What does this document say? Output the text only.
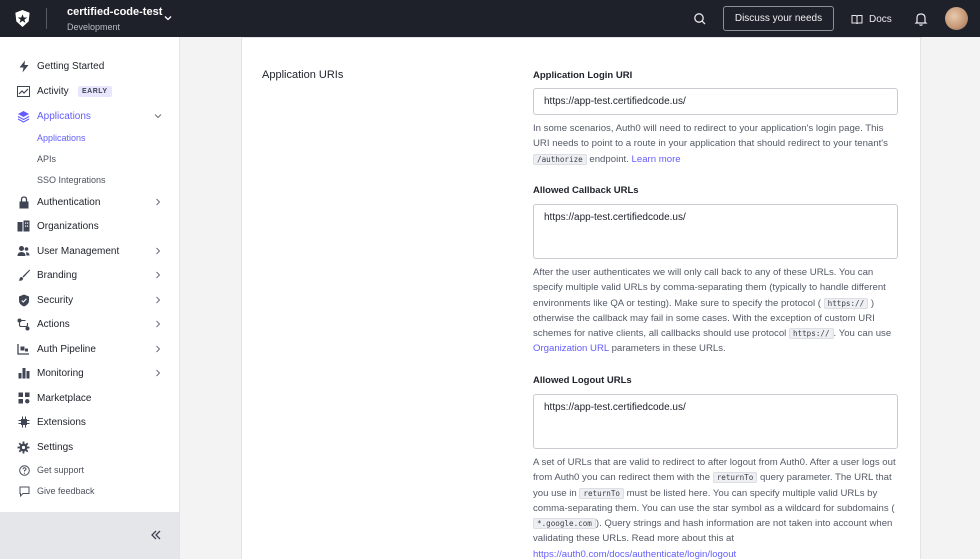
certified-code-test
Development
Discuss your needs	Docs
Getting Started
Activity	EARLY
Applications
Applications
APIs
SSO Integrations
Authentication
Organizations
User Management
Branding
Security
Actions
Auth Pipeline
Monitoring
Marketplace
Extensions
Settings
Get support
Give feedback
Application URIs	Application Login URI
https://app-test.certifiedcode.us/
In some scenarios, Auth0 will need to redirect to your application's login page. This URI needs to point to a route in your application that should redirect to your tenant's /authorize endpoint. Learn more
Allowed Callback URLs
https://app-test.certifiedcode.us/
After the user authenticates we will only call back to any of these URLs. You can specify multiple valid URLs by comma-separating them (typically to handle different environments like QA or testing). Make sure to specify the protocol ( https:// ) otherwise the callback may fail in some cases. With the exception of custom URI schemes for native clients, all callbacks should use protocol https:// . You can use Organization URL parameters in these URLs.
Allowed Logout URLs
https://app-test.certifiedcode.us/
A set of URLs that are valid to redirect to after logout from Auth0. After a user logs out from Auth0 you can redirect them with the returnTo query parameter. The URL that you use in returnTo must be listed here. You can specify multiple valid URLs by comma-separating them. You can use the star symbol as a wildcard for subdomains ( *.google.com ). Query strings and hash information are not taken into account when validating these URLs. Read more about this at https://auth0.com/docs/authenticate/login/logout
